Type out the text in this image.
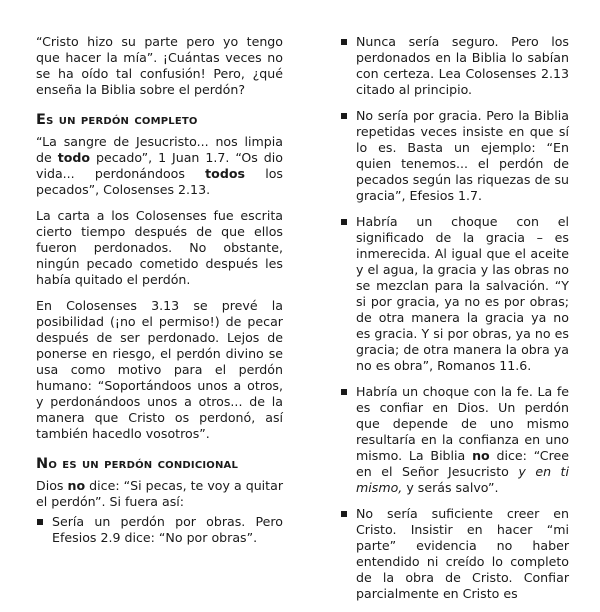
“Cristo hizo su parte pero yo tengo que hacer la mía”. ¡Cuántas veces no se ha oído tal confusión! Pero, ¿qué enseña la Biblia sobre el perdón?

Es un perdón completo

“La sangre de Jesucristo... nos limpia de todo pecado”, 1 Juan 1.7. “Os dio vida... perdonándoos todos los pecados”, Colosenses 2.13.

La carta a los Colosenses fue escrita cierto tiempo después de que ellos fueron perdonados. No obstante, ningún pecado cometido después les había quitado el perdón.

En Colosenses 3.13 se prevé la posibilidad (¡no el permiso!) de pecar después de ser perdonado. Lejos de ponerse en riesgo, el perdón divino se usa como motivo para el perdón humano: “Soportándoos unos a otros, y perdonándoos unos a otros... de la manera que Cristo os perdonó, así también hacedlo vosotros”.

No es un perdón condicional

Dios no dice: “Si pecas, te voy a quitar el perdón”. Si fuera así:

Sería un perdón por obras. Pero Efesios 2.9 dice: “No por obras”.
Nunca sería seguro. Pero los perdonados en la Biblia lo sabían con certeza. Lea Colosenses 2.13 citado al principio.
No sería por gracia. Pero la Biblia repetidas veces insiste en que sí lo es. Basta un ejemplo: “En quien tenemos... el perdón de pecados según las riquezas de su gracia”, Efesios 1.7.
Habría un choque con el significado de la gracia – es inmerecida. Al igual que el aceite y el agua, la gracia y las obras no se mezclan para la salvación. “Y si por gracia, ya no es por obras; de otra manera la gracia ya no es gracia. Y si por obras, ya no es gracia; de otra manera la obra ya no es obra”, Romanos 11.6.
Habría un choque con la fe. La fe es confiar en Dios. Un perdón que depende de uno mismo resultaría en la confianza en uno mismo. La Biblia no dice: “Cree en el Señor Jesucristo y en ti mismo, y serás salvo”.
No sería suficiente creer en Cristo. Insistir en hacer “mi parte” evidencia no haber entendido ni creído lo completo de la obra de Cristo. Confiar parcialmente en Cristo es
